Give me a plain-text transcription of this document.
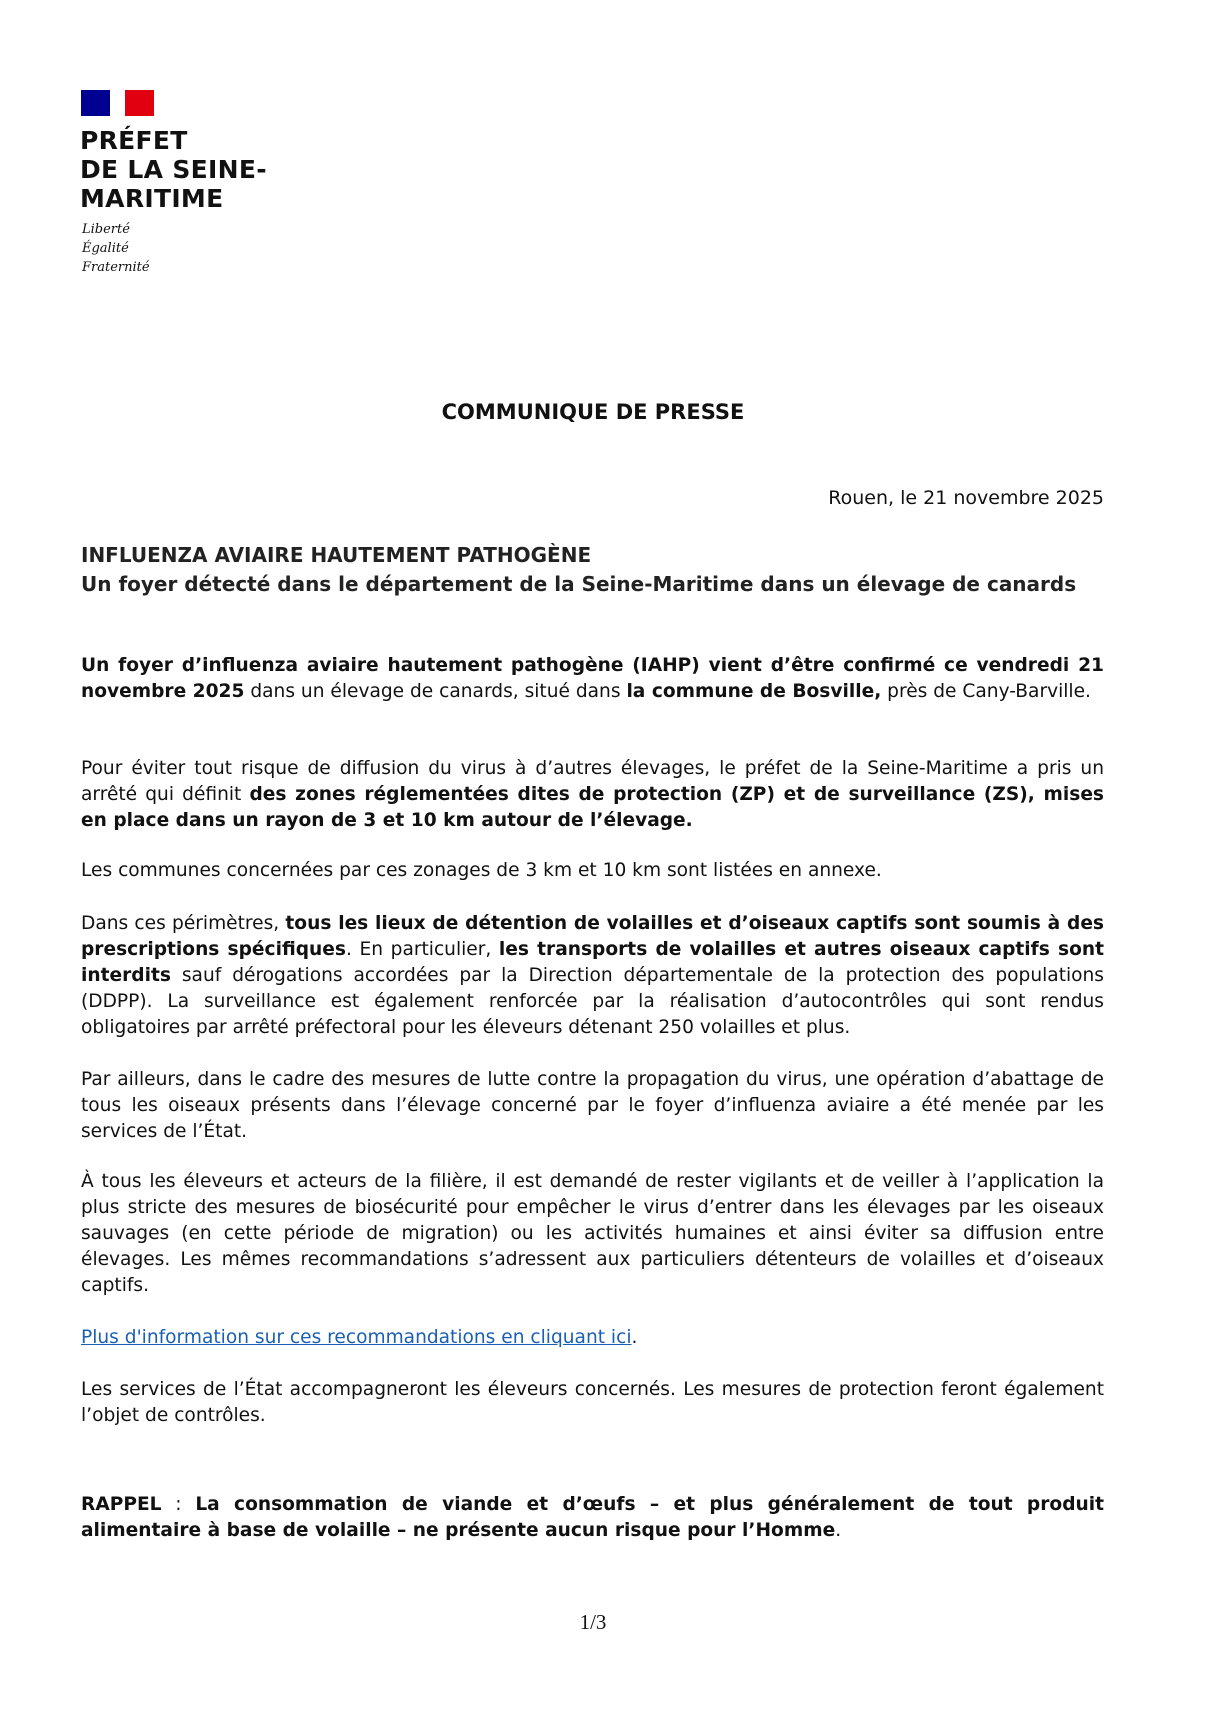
PRÉFET
DE LA SEINE-
MARITIME
Liberté
Égalité
Fraternité
COMMUNIQUE DE PRESSE
Rouen, le 21 novembre 2025
INFLUENZA AVIAIRE HAUTEMENT PATHOGÈNE
Un foyer détecté dans le département de la Seine-Maritime dans un élevage de canards
Un foyer d’influenza aviaire hautement pathogène (IAHP) vient d’être confirmé ce vendredi 21 novembre 2025 dans un élevage de canards, situé dans la commune de Bosville, près de Cany-Barville.
Pour éviter tout risque de diffusion du virus à d’autres élevages, le préfet de la Seine-Maritime a pris un arrêté qui définit des zones réglementées dites de protection (ZP) et de surveillance (ZS), mises en place dans un rayon de 3 et 10 km autour de l’élevage.
Les communes concernées par ces zonages de 3 km et 10 km sont listées en annexe.
Dans ces périmètres, tous les lieux de détention de volailles et d’oiseaux captifs sont soumis à des prescriptions spécifiques. En particulier, les transports de volailles et autres oiseaux captifs sont interdits sauf dérogations accordées par la Direction départementale de la protection des populations (DDPP). La surveillance est également renforcée par la réalisation d’autocontrôles qui sont rendus obligatoires par arrêté préfectoral pour les éleveurs détenant 250 volailles et plus.
Par ailleurs, dans le cadre des mesures de lutte contre la propagation du virus, une opération d’abattage de tous les oiseaux présents dans l’élevage concerné par le foyer d’influenza aviaire a été menée par les services de l’État.
À tous les éleveurs et acteurs de la filière, il est demandé de rester vigilants et de veiller à l’application la plus stricte des mesures de biosécurité pour empêcher le virus d’entrer dans les élevages par les oiseaux sauvages (en cette période de migration) ou les activités humaines et ainsi éviter sa diffusion entre élevages. Les mêmes recommandations s’adressent aux particuliers détenteurs de volailles et d’oiseaux captifs.
Plus d'information sur ces recommandations en cliquant ici.
Les services de l’État accompagneront les éleveurs concernés. Les mesures de protection feront également l’objet de contrôles.
RAPPEL : La consommation de viande et d’œufs – et plus généralement de tout produit alimentaire à base de volaille – ne présente aucun risque pour l’Homme.
1/3
